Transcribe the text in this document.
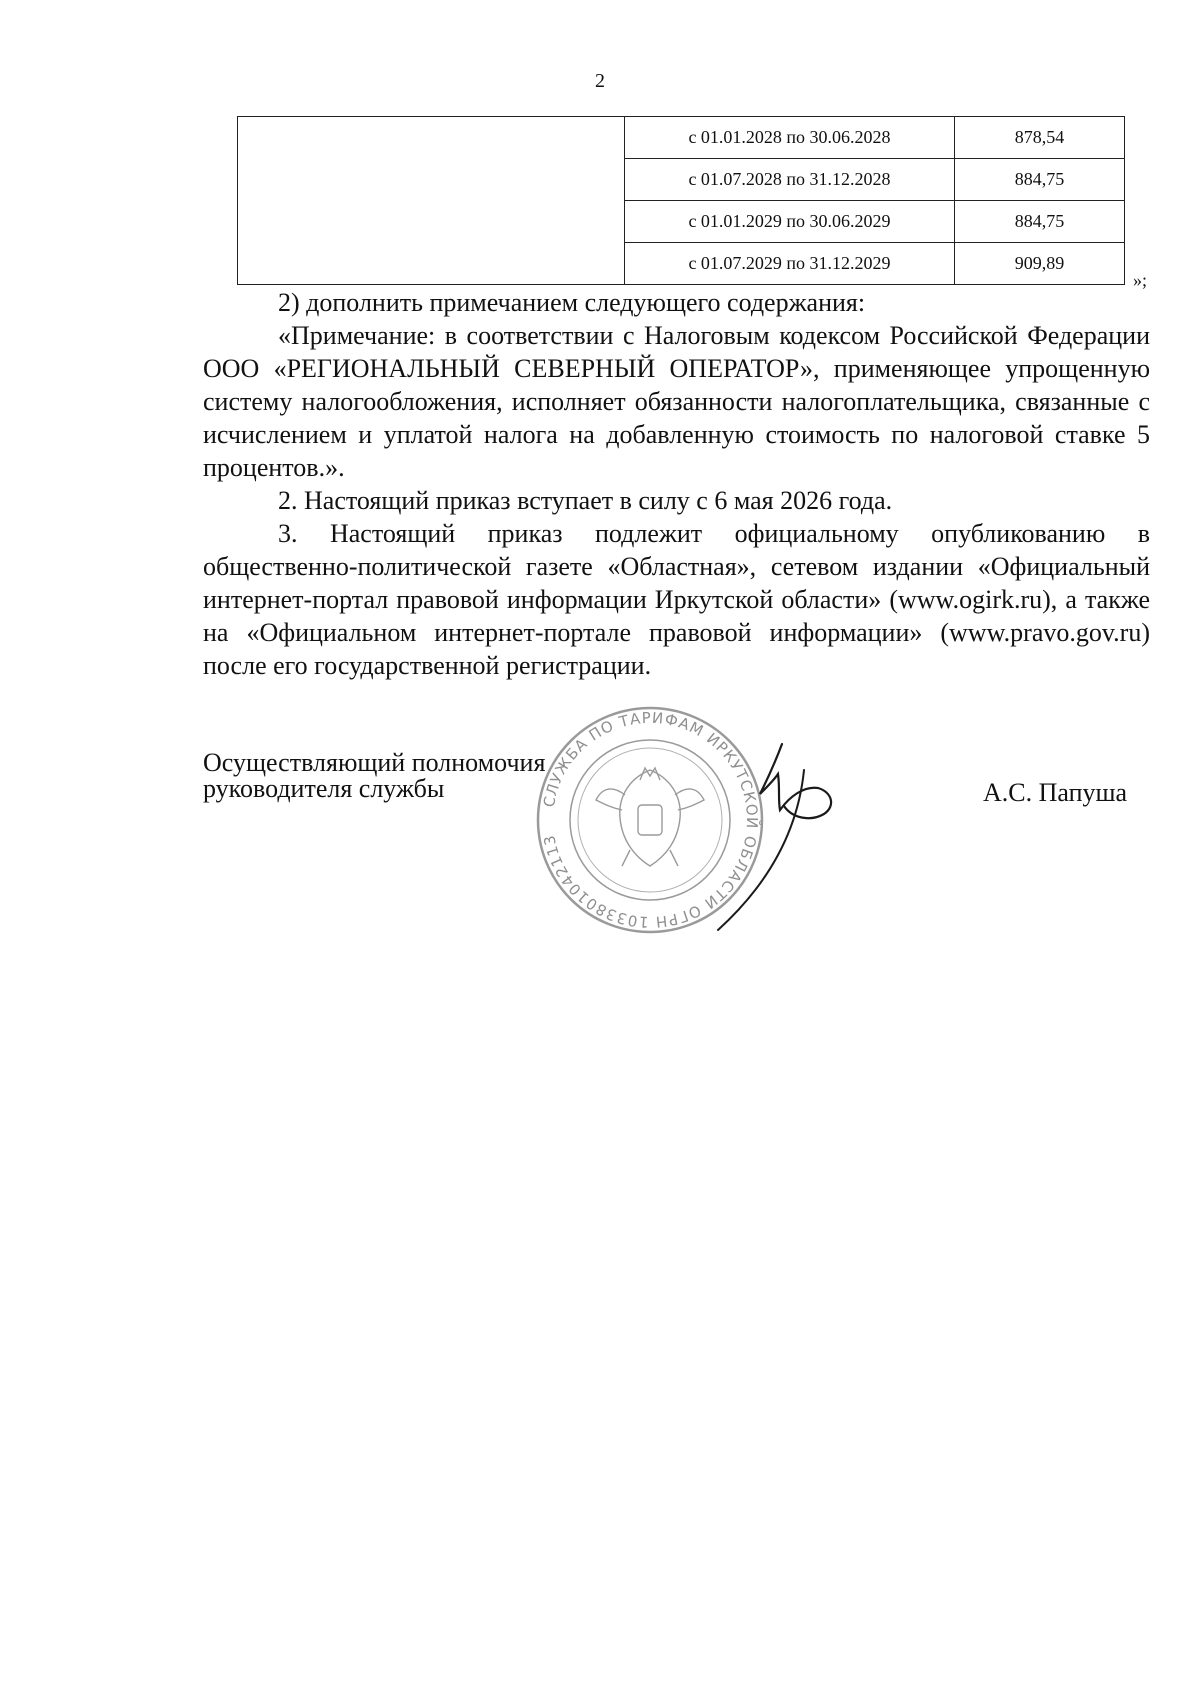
2
	с 01.01.2028 по 30.06.2028	878,54
	с 01.07.2028 по 31.12.2028	884,75
	с 01.01.2029 по 30.06.2029	884,75
	с 01.07.2029 по 31.12.2029	909,89
»;

2) дополнить примечанием следующего содержания:

«Примечание: в соответствии с Налоговым кодексом Российской Федерации ООО «РЕГИОНАЛЬНЫЙ СЕВЕРНЫЙ ОПЕРАТОР», применяющее упрощенную систему налогообложения, исполняет обязанности налогоплательщика, связанные с исчислением и уплатой налога на добавленную стоимость по налоговой ставке 5 процентов.».

2. Настоящий приказ вступает в силу с 6 мая 2026 года.

3. Настоящий приказ подлежит официальному опубликованию в общественно-политической газете «Областная», сетевом издании «Официальный интернет-портал правовой информации Иркутской области» (www.ogirk.ru), а также на «Официальном интернет-портале правовой информации» (www.pravo.gov.ru) после его государственной регистрации.

СЛУЖБА ПО ТАРИФАМ ИРКУТСКОЙ ОБЛАСТИ ОГРН 1033801042113
Осуществляющий полномочия
руководителя службы	А.С. Папуша
